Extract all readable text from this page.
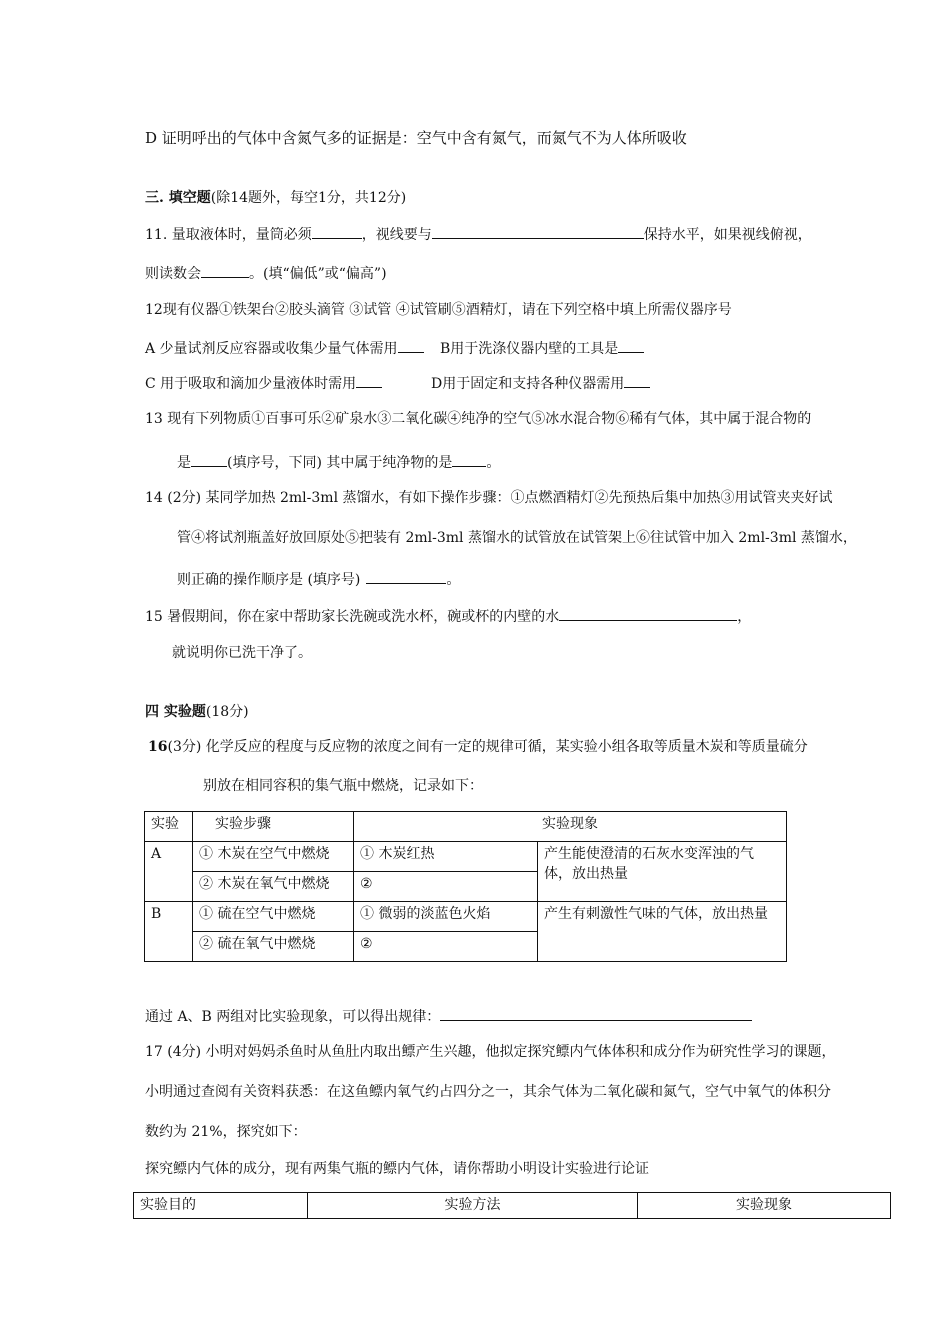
D 证明呼出的气体中含氮气多的证据是：空气中含有氮气，而氮气不为人体所吸收
三. 填空题(除14题外，每空1分，共12分)
11. 量取液体时，量筒必须	，视线要与	保持水平，如果视线俯视，
则读数会	。(填“偏低”或“偏高”)
12现有仪器①铁架台②胶头滴管 ③试管 ④试管刷⑤酒精灯，请在下列空格中填上所需仪器序号
A 少量试剂反应容器或收集少量气体需用	B用于洗涤仪器内壁的工具是
C 用于吸取和滴加少量液体时需用	D用于固定和支持各种仪器需用
13 现有下列物质①百事可乐②矿泉水③二氧化碳④纯净的空气⑤冰水混合物⑥稀有气体，其中属于混合物的
是	(填序号，下同) 其中属于纯净物的是 。
14 (2分) 某同学加热 2ml-3ml 蒸馏水，有如下操作步骤：①点燃酒精灯②先预热后集中加热③用试管夹夹好试
管④将试剂瓶盖好放回原处⑤把装有 2ml-3ml 蒸馏水的试管放在试管架上⑥往试管中加入 2ml-3ml 蒸馏水，
则正确的操作顺序是 (填序号)	。
15 暑假期间，你在家中帮助家长洗碗或洗水杯，碗或杯的内壁的水	，
就说明你已洗干净了。
四 实验题(18分)
16(3分) 化学反应的程度与反应物的浓度之间有一定的规律可循，某实验小组各取等质量木炭和等质量硫分
别放在相同容积的集气瓶中燃烧，记录如下：
实验	实验步骤	实验现象	
A	① 木炭在空气中燃烧	① 木炭红热	产生能使澄清的石灰水变浑浊的气体，放出热量
	② 木炭在氧气中燃烧	②	
B	① 硫在空气中燃烧	① 微弱的淡蓝色火焰	产生有刺激性气味的气体，放出热量
	② 硫在氧气中燃烧	②	
通过 A、B 两组对比实验现象，可以得出规律：
17 (4分) 小明对妈妈杀鱼时从鱼肚内取出鳔产生兴趣，他拟定探究鳔内气体体积和成分作为研究性学习的课题，
小明通过查阅有关资料获悉：在这鱼鳔内氧气约占四分之一，其余气体为二氧化碳和氮气，空气中氧气的体积分
数约为 21%，探究如下：
探究鳔内气体的成分，现有两集气瓶的鳔内气体，请你帮助小明设计实验进行论证
实验目的	实验方法	实验现象
